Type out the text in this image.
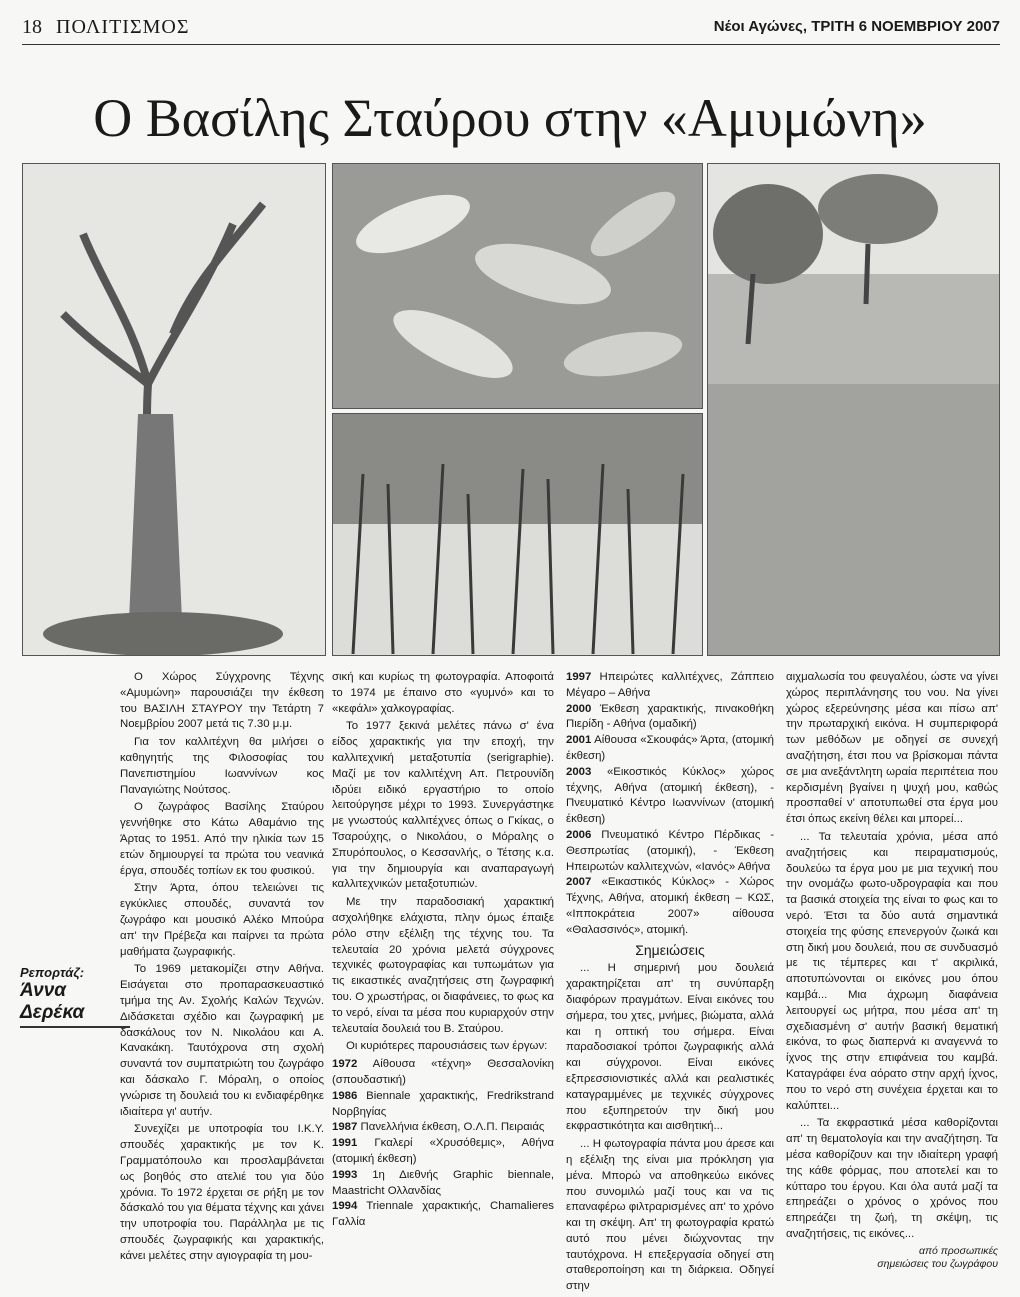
18 ΠΟΛΙΤΙΣΜΟΣ	Νέοι Αγώνες, ΤΡΙΤΗ 6 ΝΟΕΜΒΡΙΟΥ 2007
Ο Βασίλης Σταύρου στην «Αμυμώνη»
Ρεπορτάζ:
Άννα Δερέκα

Ο Χώρος Σύγχρονης Τέχνης «Αμυμώνη» παρουσιάζει την έκθεση του ΒΑΣΙΛΗ ΣΤΑΥΡΟΥ την Τετάρτη 7 Νοεμβρίου 2007 μετά τις 7.30 μ.μ.

Για τον καλλιτέχνη θα μιλήσει ο καθηγητής της Φιλοσοφίας του Πανεπιστημίου Ιωαννίνων κος Παναγιώτης Νούτσος.

Ο ζωγράφος Βασίλης Σταύρου γεννήθηκε στο Κάτω Αθαμάνιο της Άρτας το 1951. Από την ηλικία των 15 ετών δημιουργεί τα πρώτα του νεανικά έργα, σπουδές τοπίων εκ του φυσικού.

Στην Άρτα, όπου τελειώνει τις εγκύκλιες σπουδές, συναντά τον ζωγράφο και μουσικό Αλέκο Μπούρα απ' την Πρέβεζα και παίρνει τα πρώτα μαθήματα ζωγραφικής.

Το 1969 μετακομίζει στην Αθήνα. Εισάγεται στο προπαρασκευαστικό τμήμα της Αν. Σχολής Καλών Τεχνών. Διδάσκεται σχέδιο και ζωγραφική με δασκάλους τον Ν. Νικολάου και Α. Κανακάκη. Ταυτόχρονα στη σχολή συναντά τον συμπατριώτη του ζωγράφο και δάσκαλο Γ. Μόραλη, ο οποίος γνώρισε τη δουλειά του κι ενδιαφέρθηκε ιδιαίτερα γι' αυτήν.

Συνεχίζει με υποτροφία του Ι.Κ.Υ. σπουδές χαρακτικής με τον Κ. Γραμματόπουλο και προσλαμβάνεται ως βοηθός στο ατελιέ του για δύο χρόνια. Το 1972 έρχεται σε ρήξη με τον δάσκαλό του για θέματα τέχνης και χάνει την υποτροφία του. Παράλληλα με τις σπουδές ζωγραφικής και χαρακτικής, κάνει μελέτες στην αγιογραφία τη μου-

σική και κυρίως τη φωτογραφία. Αποφοιτά το 1974 με έπαινο στο «γυμνό» και το «κεφάλι» χαλκογραφίας.

Το 1977 ξεκινά μελέτες πάνω σ' ένα είδος χαρακτικής για την εποχή, την καλλιτεχνική μεταξοτυπία (serigraphie). Μαζί με τον καλλιτέχνη Απ. Πετρουνίδη ιδρύει ειδικό εργαστήριο το οποίο λειτούργησε μέχρι το 1993. Συνεργάστηκε με γνωστούς καλλιτέχνες όπως ο Γκίκας, ο Τσαρούχης, ο Νικολάου, ο Μόραλης ο Σπυρόπουλος, ο Κεσσανλής, ο Τέτσης κ.α. για την δημιουργία και αναπαραγωγή καλλιτεχνικών μεταξοτυπιών.

Με την παραδοσιακή χαρακτική ασχολήθηκε ελάχιστα, πλην όμως έπαιξε ρόλο στην εξέλιξη της τέχνης του. Τα τελευταία 20 χρόνια μελετά σύγχρονες τεχνικές φωτογραφίας και τυπωμάτων για τις εικαστικές αναζητήσεις στη ζωγραφική του. Ο χρωστήρας, οι διαφάνειες, το φως κα το νερό, είναι τα μέσα που κυριαρχούν στην τελευταία δουλειά του Β. Σταύρου.

Οι κυριότερες παρουσιάσεις των έργων:

1972 Αίθουσα «τέχνη» Θεσσαλονίκη (σπουδαστική)

1986 Biennale χαρακτικής, Fredrikstrand Νορβηγίας

1987 Πανελλήνια έκθεση, Ο.Λ.Π. Πειραιάς

1991 Γκαλερί «Χρυσόθεμις», Αθήνα (ατομική έκθεση)

1993 1η Διεθνής Graphic biennale, Maastricht Ολλανδίας

1994 Triennale χαρακτικής, Chamalieres Γαλλία

1997 Ηπειρώτες καλλιτέχνες, Ζάππειο Μέγαρο – Αθήνα

2000 Έκθεση χαρακτικής, πινακοθήκη Πιερίδη - Αθήνα (ομαδική)

2001 Αίθουσα «Σκουφάς» Άρτα, (ατομική έκθεση)

2003 «Εικοστικός Κύκλος» χώρος τέχνης, Αθήνα (ατομική έκθεση), - Πνευματικό Κέντρο Ιωαννίνων (ατομική έκθεση)

2006 Πνευματικό Κέντρο Πέρδικας - Θεσπρωτίας (ατομική), - Έκθεση Ηπειρωτών καλλιτεχνών, «Ιανός» Αθήνα

2007 «Εικαστικός Κύκλος» - Χώρος Τέχνης, Αθήνα, ατομική έκθεση – ΚΩΣ, «Ιπποκράτεια 2007» αίθουσα «Θαλασσινός», ατομική.

Σημειώσεις

... Η σημερινή μου δουλειά χαρακτηρίζεται απ' τη συνύπαρξη διαφόρων πραγμάτων. Είναι εικόνες του σήμερα, του χτες, μνήμες, βιώματα, αλλά και η οπτική του σήμερα. Είναι παραδοσιακοί τρόποι ζωγραφικής αλλά και σύγχρονοι. Είναι εικόνες εξπρεσσιονιστικές αλλά και ρεαλιστικές καταγραμμένες με τεχνικές σύγχρονες που εξυπηρετούν την δική μου εκφραστικότητα και αισθητική...

... Η φωτογραφία πάντα μου άρεσε και η εξέλιξη της είναι μια πρόκληση για μένα. Μπορώ να αποθηκεύω εικόνες που συνομιλώ μαζί τους και να τις επαναφέρω φιλτραρισμένες απ' το χρόνο και τη σκέψη. Απ' τη φωτογραφία κρατώ αυτό που μένει διώχνοντας την ταυτόχρονα. Η επεξεργασία οδηγεί στη σταθεροποίηση και τη διάρκεια. Οδηγεί στην

αιχμαλωσία του φευγαλέου, ώστε να γίνει χώρος περιπλάνησης του νου. Να γίνει χώρος εξερεύνησης μέσα και πίσω απ' την πρωταρχική εικόνα. Η συμπεριφορά των μεθόδων με οδηγεί σε συνεχή αναζήτηση, έτσι που να βρίσκομαι πάντα σε μια ανεξάντλητη ωραία περιπέτεια που κερδισμένη βγαίνει η ψυχή μου, καθώς προσπαθεί ν' αποτυπωθεί στα έργα μου έτσι όπως εκείνη θέλει και μπορεί...

... Τα τελευταία χρόνια, μέσα από αναζητήσεις και πειραματισμούς, δουλεύω τα έργα μου με μια τεχνική που την ονομάζω φωτο-υδρογραφία και που τα βασικά στοιχεία της είναι το φως και το νερό. Έτσι τα δύο αυτά σημαντικά στοιχεία της φύσης επενεργούν ζωικά και στη δική μου δουλειά, που σε συνδυασμό με τις τέμπερες και τ' ακριλικά, αποτυπώνονται οι εικόνες μου όπου καμβά... Μια άχρωμη διαφάνεια λειτουργεί ως μήτρα, που μέσα απ' τη σχεδιασμένη σ' αυτήν βασική θεματική εικόνα, το φως διαπερνά κι αναγεννά το ίχνος της στην επιφάνεια του καμβά. Καταγράφει ένα αόρατο στην αρχή ίχνος, που το νερό στη συνέχεια έρχεται και το καλύπτει...

... Τα εκφραστικά μέσα καθορίζονται απ' τη θεματολογία και την αναζήτηση. Τα μέσα καθορίζουν και την ιδιαίτερη γραφή της κάθε φόρμας, που αποτελεί και το κύτταρο του έργου. Και όλα αυτά μαζί τα επηρεάζει ο χρόνος ο χρόνος που επηρεάζει τη ζωή, τη σκέψη, τις αναζητήσεις, τις εικόνες...

από προσωπικές
σημειώσεις του ζωγράφου
